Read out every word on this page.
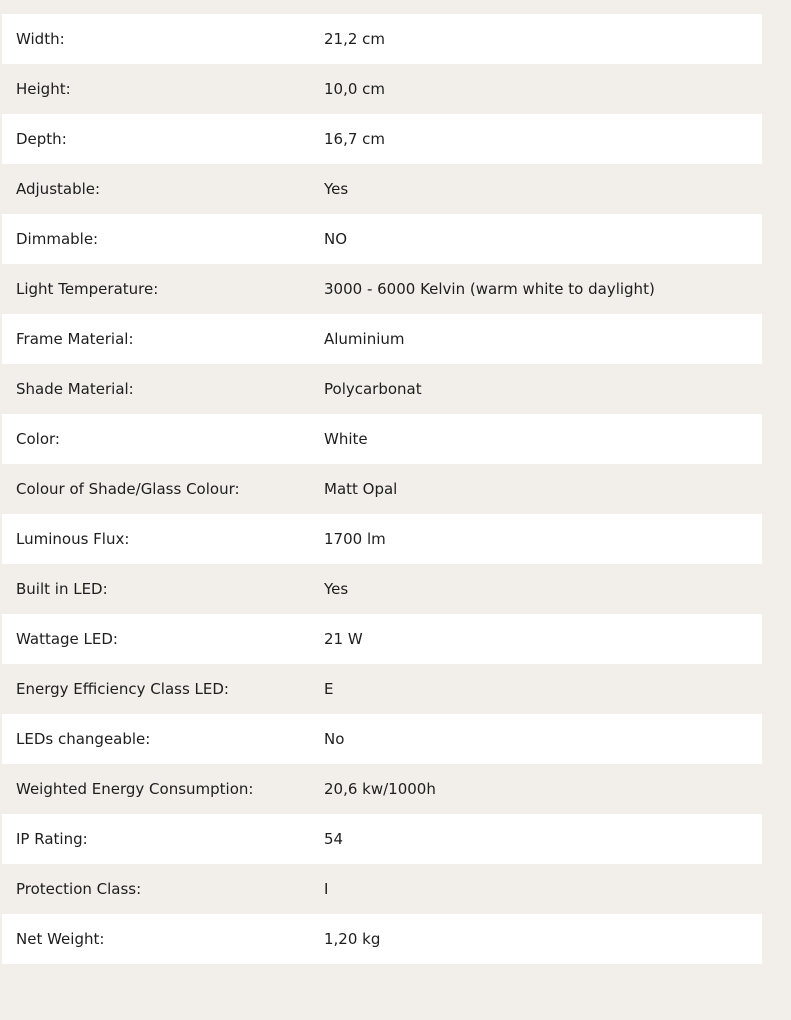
Width:	21,2 cm
Height:	10,0 cm
Depth:	16,7 cm
Adjustable:	Yes
Dimmable:	NO
Light Temperature:	3000 - 6000 Kelvin (warm white to daylight)
Frame Material:	Aluminium
Shade Material:	Polycarbonat
Color:	White
Colour of Shade/Glass Colour:	Matt Opal
Luminous Flux:	1700 lm
Built in LED:	Yes
Wattage LED:	21 W
Energy Efficiency Class LED:	E
LEDs changeable:	No
Weighted Energy Consumption:	20,6 kw/1000h
IP Rating:	54
Protection Class:	I
Net Weight:	1,20 kg
